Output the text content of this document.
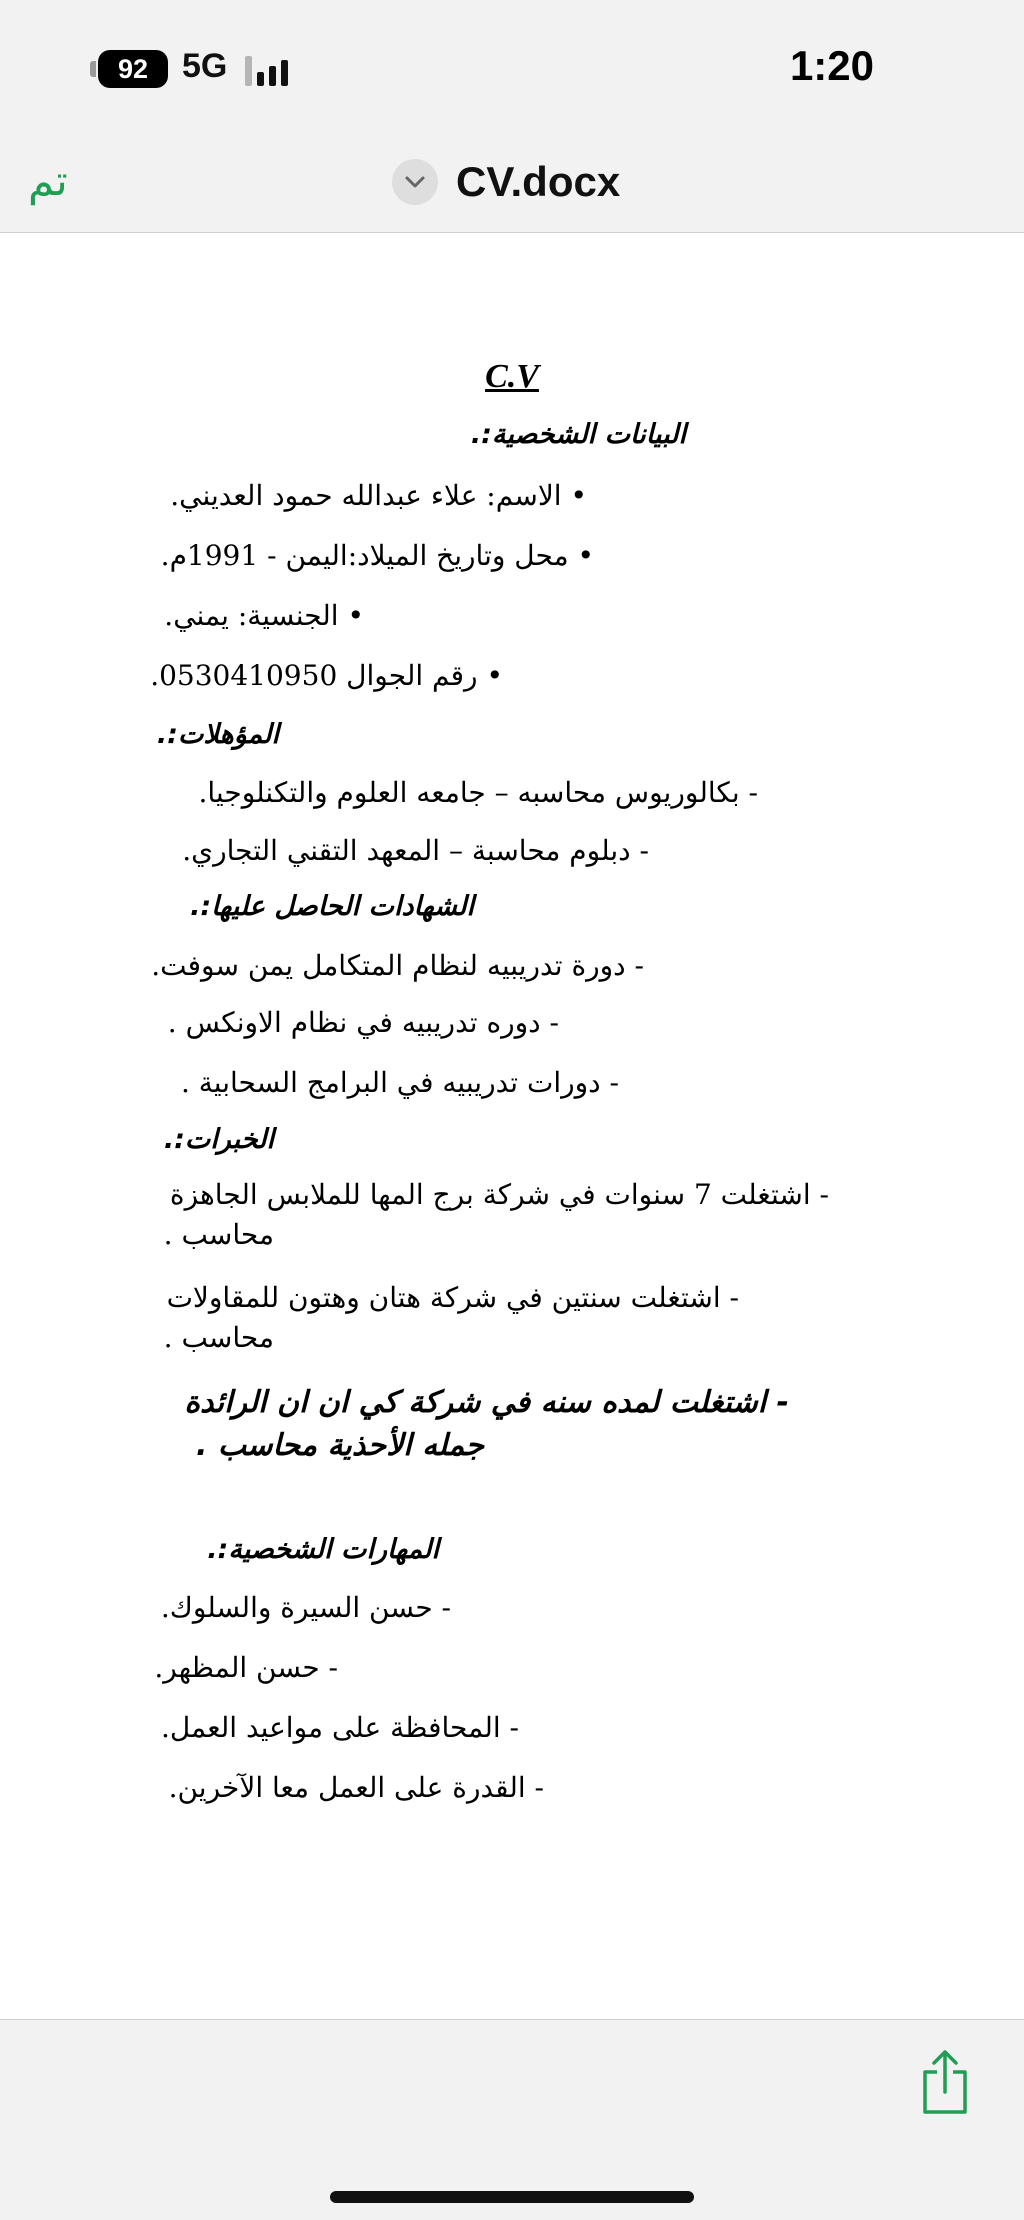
92 5G	1:20
تم	CV.docx
C.V
البيانات الشخصية:.
• الاسم: علاء عبدالله حمود العديني.
• محل وتاريخ الميلاد:اليمن - 1991م.
• الجنسية: يمني.
• رقم الجوال 0530410950.
المؤهلات:.
- بكالوريوس محاسبه – جامعه العلوم والتكنلوجيا.
- دبلوم محاسبة – المعهد التقني التجاري.
الشهادات الحاصل عليها:.
- دورة تدريبيه لنظام المتكامل يمن سوفت.
- دوره تدريبيه في نظام الاونكس .
- دورات تدريبيه في البرامج السحابية .
الخبرات:.
- اشتغلت 7 سنوات في شركة برج المها للملابس الجاهزة
محاسب .
- اشتغلت سنتين في شركة هتان وهتون للمقاولات
محاسب .
- اشتغلت لمده سنه في شركة كي ان ان الرائدة
جمله الأحذية محاسب .
المهارات الشخصية:.
- حسن السيرة والسلوك.
- حسن المظهر.
- المحافظة على مواعيد العمل.
- القدرة على العمل معا الآخرين.
